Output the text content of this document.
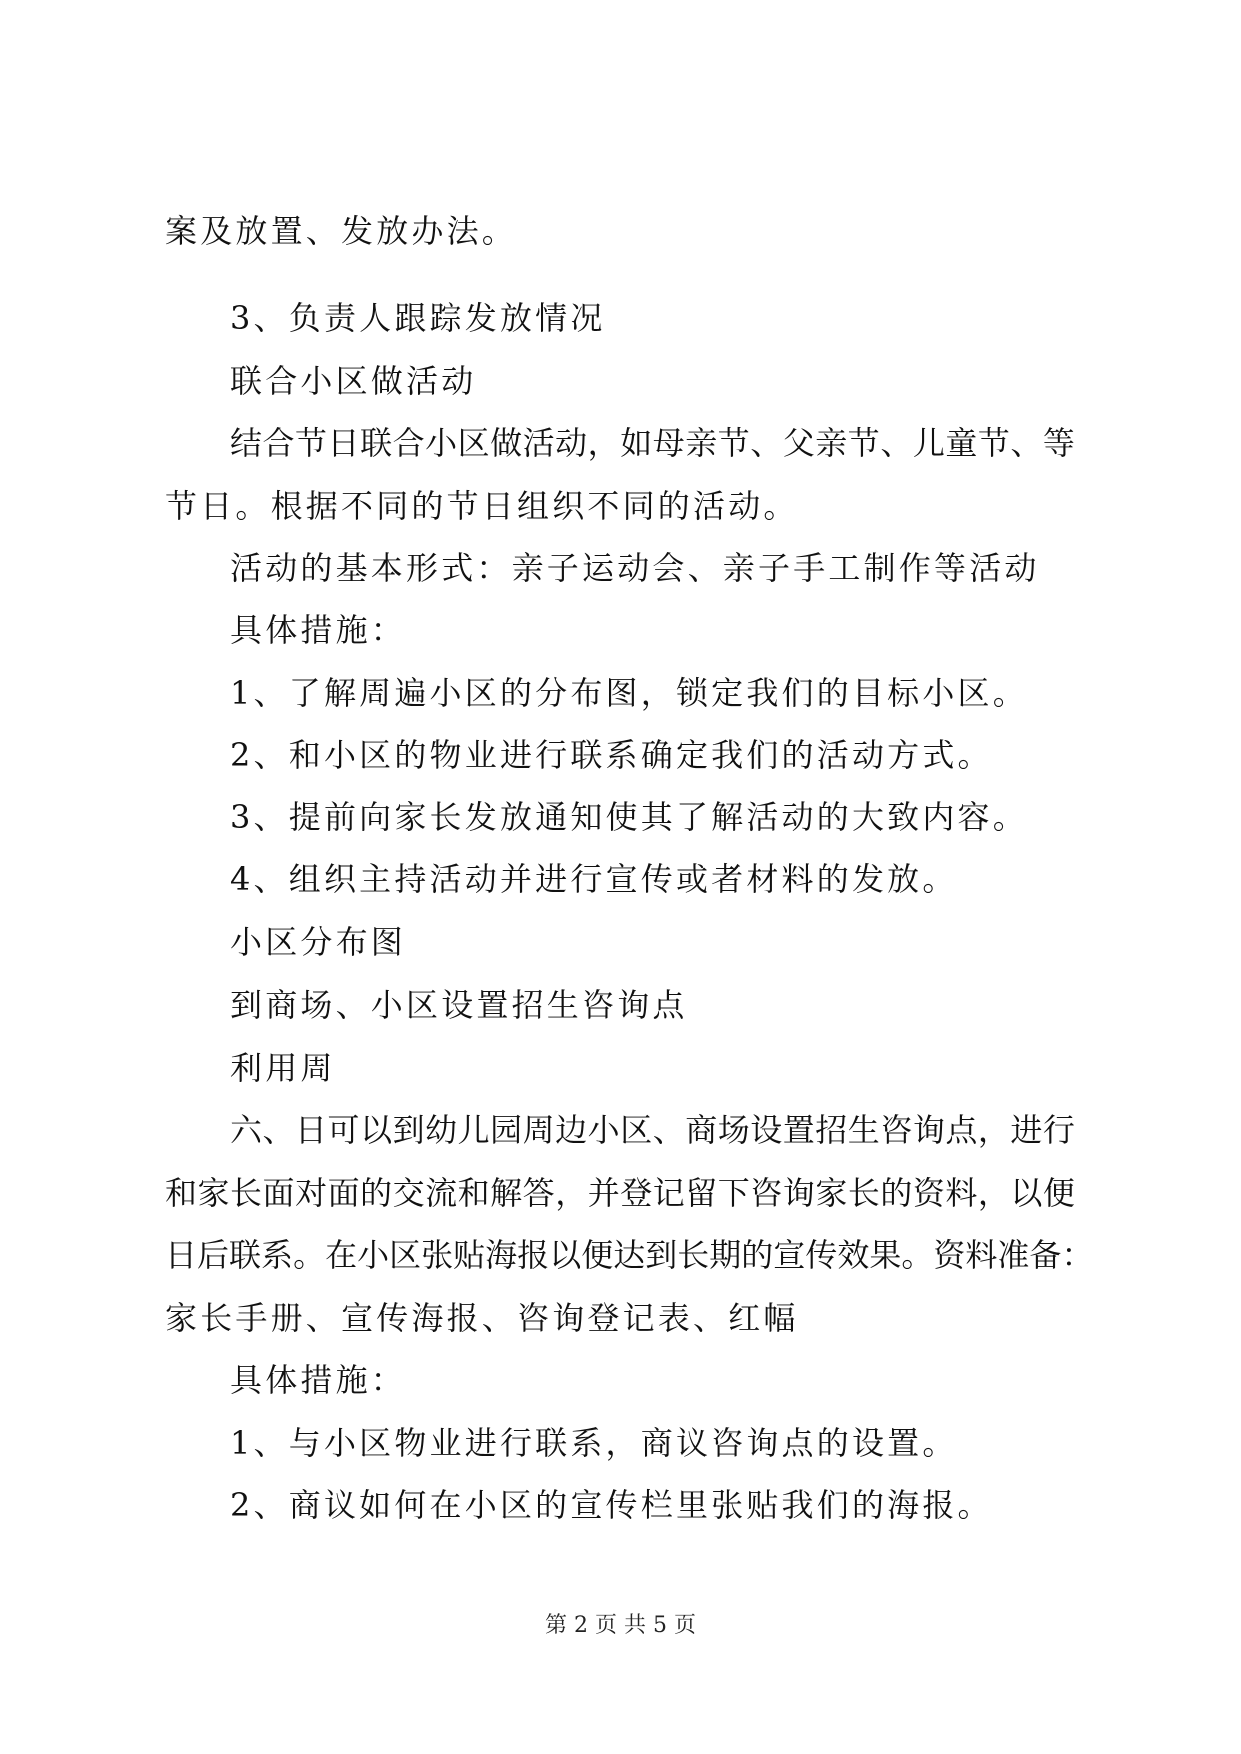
案及放置、发放办法。
3、负责人跟踪发放情况
联合小区做活动
结 合 节 日 联 合 小 区 做 活 动 ， 如 母 亲 节 、 父 亲 节 、 儿 童 节 、 等
节日。根据不同的节日组织不同的活动。
活动的基本形式：亲子运动会、亲子手工制作等活动
具体措施：
1、了解周遍小区的分布图，锁定我们的目标小区。
2、和小区的物业进行联系确定我们的活动方式。
3、提前向家长发放通知使其了解活动的大致内容。
4、组织主持活动并进行宣传或者材料的发放。
小区分布图
到商场、小区设置招生咨询点
利用周
六 、 日 可 以 到 幼 儿 园 周 边 小 区 、 商 场 设 置 招 生 咨 询 点 ， 进 行
和 家 长 面 对 面 的 交 流 和 解 答 ， 并 登 记 留 下 咨 询 家 长 的 资 料 ， 以 便
日 后 联 系 。 在 小 区 张 贴 海 报 以 便 达 到 长 期 的 宣 传 效 果 。 资 料 准 备 ：
家长手册、宣传海报、咨询登记表、红幅
具体措施：
1、与小区物业进行联系，商议咨询点的设置。
2、商议如何在小区的宣传栏里张贴我们的海报。
第 2 页 共 5 页
